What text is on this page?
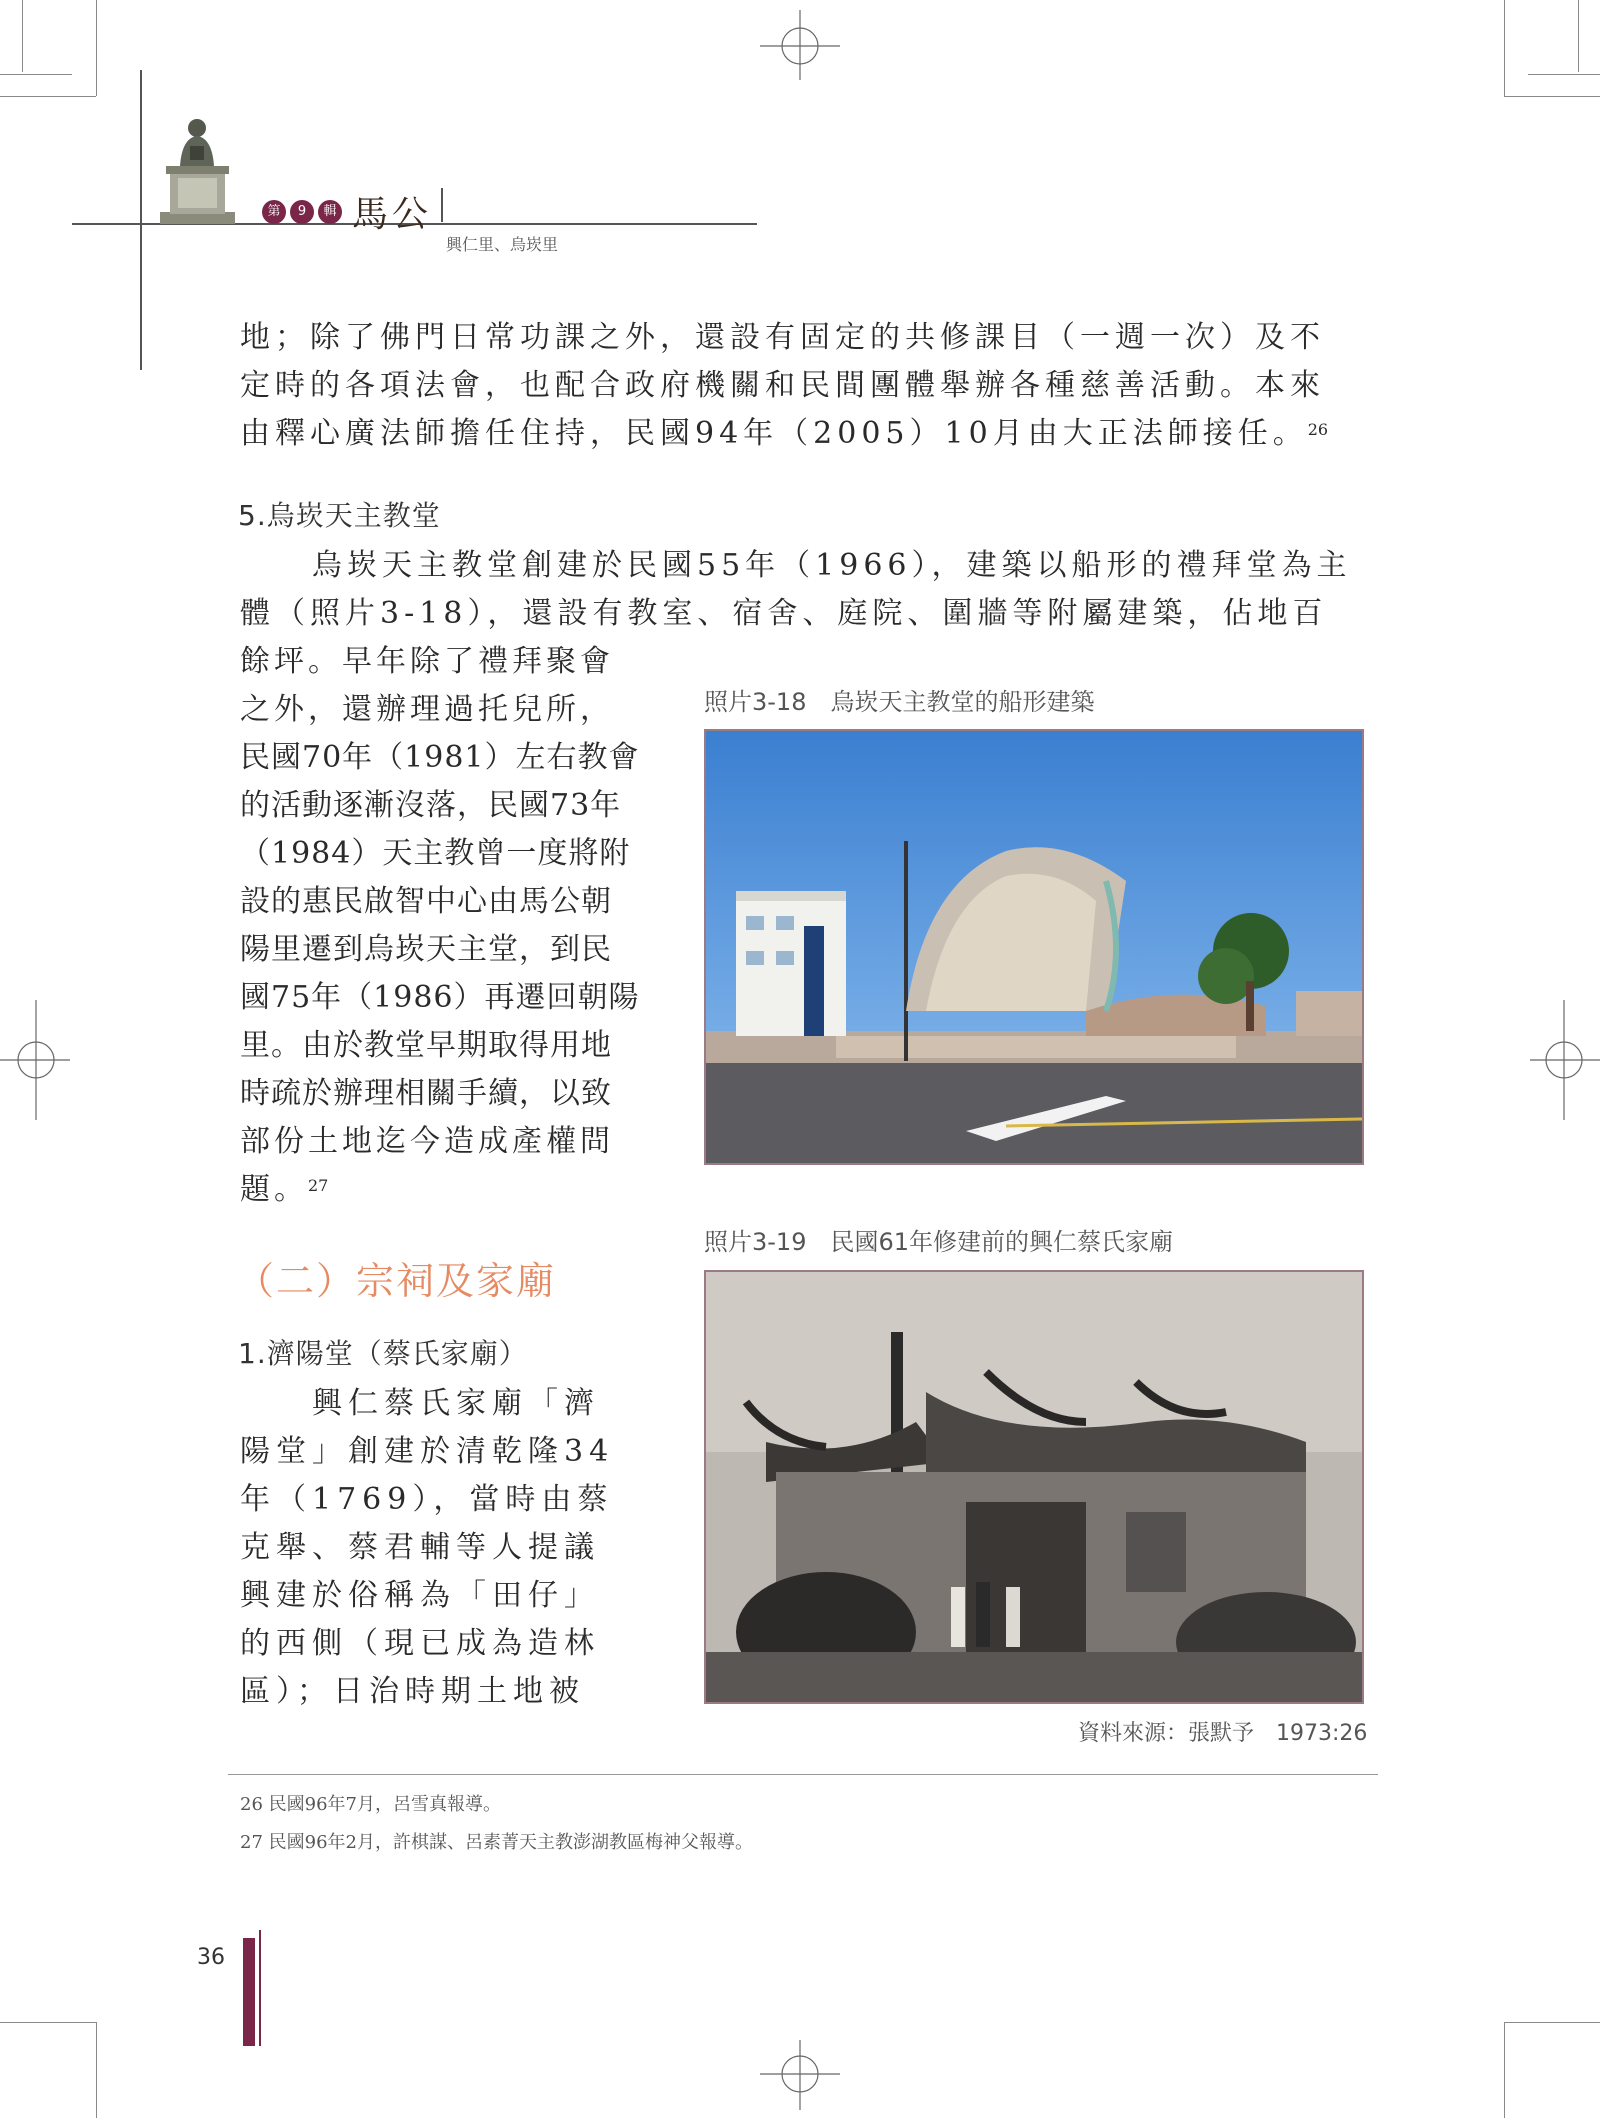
第	9	輯 馬公
興仁里、烏崁里
地；除了佛門日常功課之外，還設有固定的共修課目（一週一次）及不
定時的各項法會，也配合政府機關和民間團體舉辦各種慈善活動。本來
由釋心廣法師擔任住持，民國94年（2005）10月由大正法師接任。$^{26}$
5.烏崁天主教堂
烏崁天主教堂創建於民國55年（1966），建築以船形的禮拜堂為主
體（照片3-18），還設有教室、宿舍、庭院、圍牆等附屬建築，佔地百
餘坪。早年除了禮拜聚會
之外，還辦理過托兒所，
民國70年（1981）左右教會
的活動逐漸沒落，民國73年
（1984）天主教曾一度將附
設的惠民啟智中心由馬公朝
陽里遷到烏崁天主堂，到民
國75年（1986）再遷回朝陽
里。由於教堂早期取得用地
時疏於辦理相關手續，以致
部份土地迄今造成產權問
題。$^{27}$
照片3-18　烏崁天主教堂的船形建築
（二）宗祠及家廟
1.濟陽堂（蔡氏家廟）
興仁蔡氏家廟「濟
陽堂」創建於清乾隆34
年（1769），當時由蔡
克舉、蔡君輔等人提議
興建於俗稱為「田仔」
的西側（現已成為造林
區）；日治時期土地被
照片3-19　民國61年修建前的興仁蔡氏家廟
資料來源：張默予　1973:26
26 民國96年7月，呂雪真報導。
27 民國96年2月，許棋謀、呂素菁天主教澎湖教區梅神父報導。
36
